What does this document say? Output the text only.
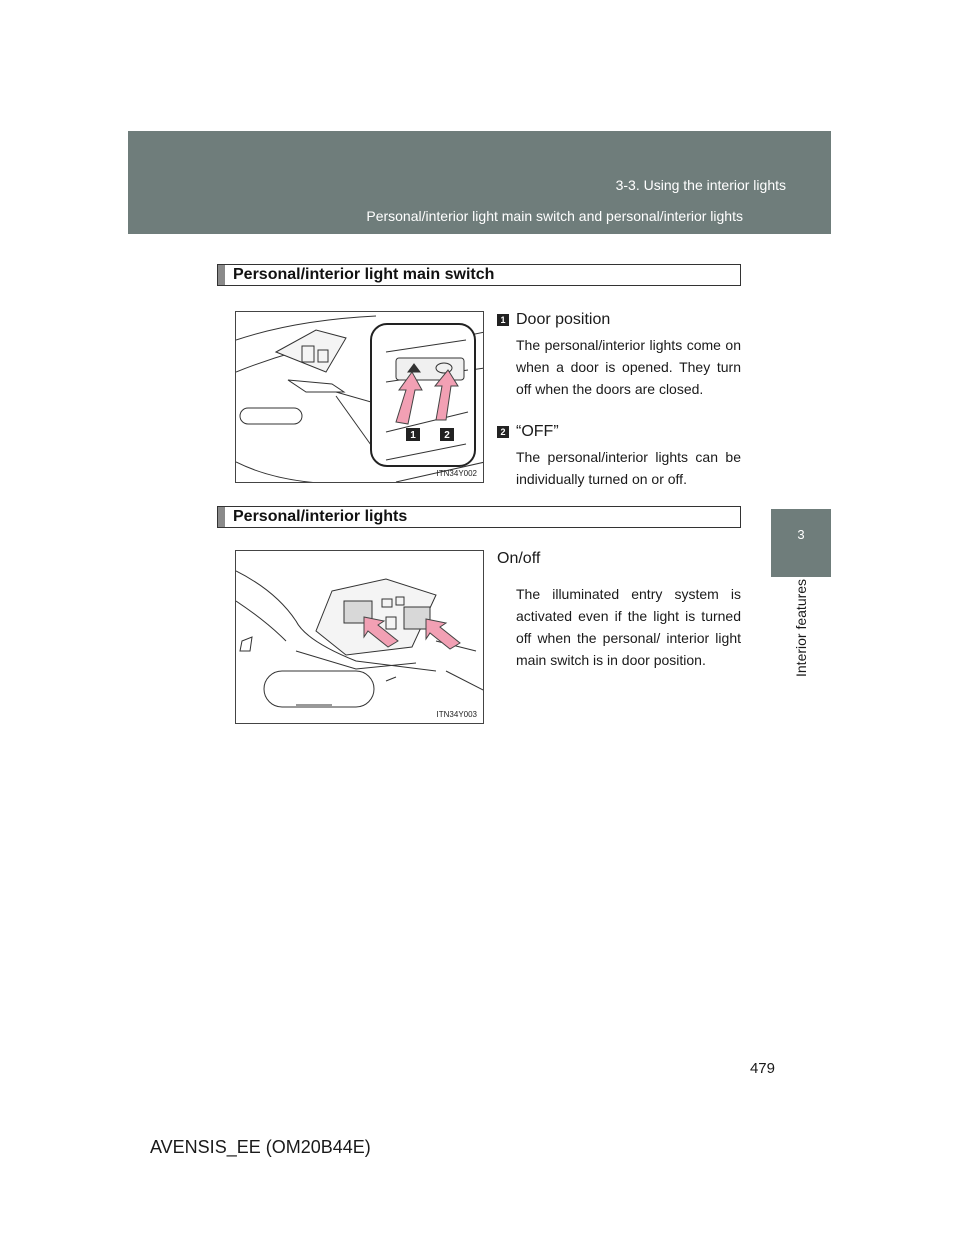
3-3. Using the interior lights
Personal/interior light main switch and personal/interior lights
3
Interior features
Personal/interior light main switch
1	2
ITN34Y002
1 Door position
The personal/interior lights come on when a door is opened. They turn off when the doors are closed.
2 “OFF”
The personal/interior lights can be individually turned on or off.
Personal/interior lights
ITN34Y003
On/off
The illuminated entry system is activated even if the light is turned off when the personal/ interior light main switch is in door position.
479
AVENSIS_EE (OM20B44E)
